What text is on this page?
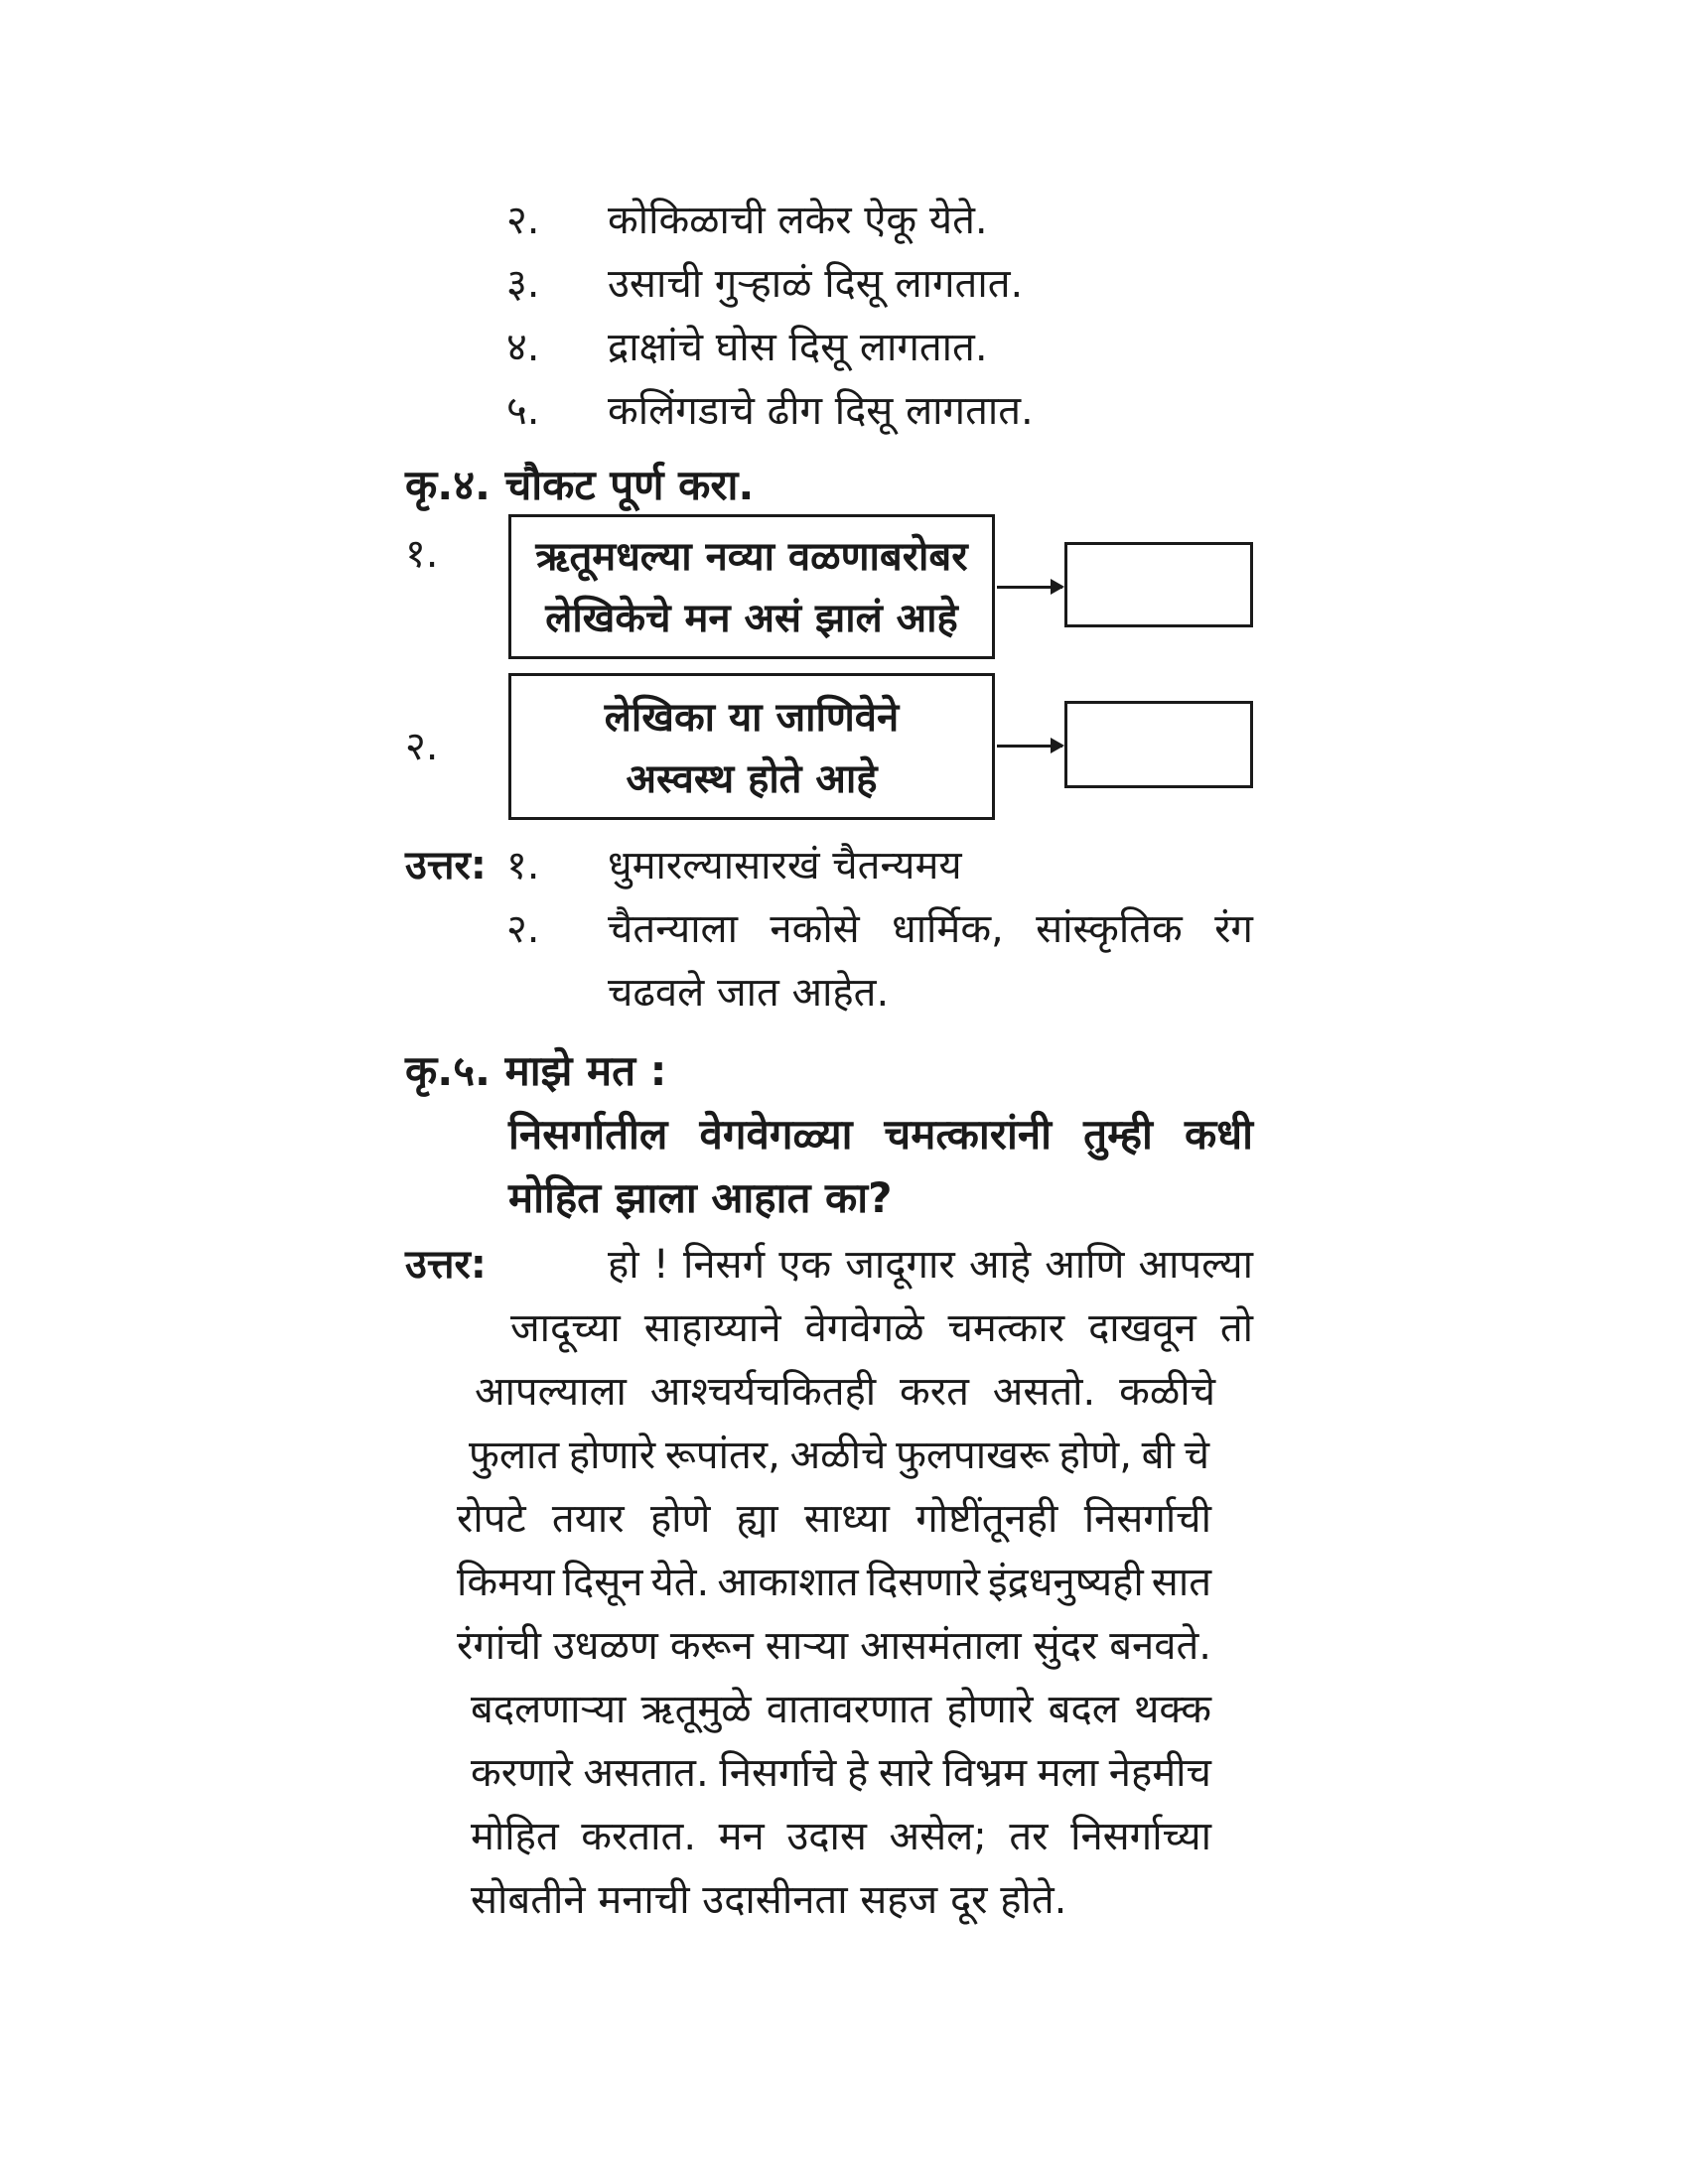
२. कोकिळाची लकेर ऐकू येते.
३. उसाची गुऱ्हाळं दिसू लागतात.
४. द्राक्षांचे घोस दिसू लागतात.
५. कलिंगडाचे ढीग दिसू लागतात.
कृ.४. चौकट पूर्ण करा.
१.	ऋतूमधल्या नव्या वळणाबरोबर
लेखिकेचे मन असं झालं आहे
२.
लेखिका या जाणिवेने
अस्वस्थ होते आहे
उत्तर: १. धुमारल्यासारखं चैतन्यमय
२. चैतन्याला नकोसे धार्मिक, सांस्कृतिक रंग
चढवले जात आहेत.
कृ.५. माझे मत :
निसर्गातील वेगवेगळ्या चमत्कारांनी तुम्ही कधी
मोहित झाला आहात का?
उत्तर:	हो ! निसर्ग एक जादूगार आहे आणि आपल्या
जादूच्या साहाय्याने वेगवेगळे चमत्कार दाखवून तो
आपल्याला आश्चर्यचकितही करत असतो. कळीचे
फुलात होणारे रूपांतर, अळीचे फुलपाखरू होणे, बी चे
रोपटे तयार होणे ह्या साध्या गोष्टींतूनही निसर्गाची
किमया दिसून येते. आकाशात दिसणारे इंद्रधनुष्यही सात
रंगांची उधळण करून साऱ्या आसमंताला सुंदर बनवते.
बदलणाऱ्या ऋतूमुळे वातावरणात होणारे बदल थक्क
करणारे असतात. निसर्गाचे हे सारे विभ्रम मला नेहमीच
मोहित करतात. मन उदास असेल; तर निसर्गाच्या
सोबतीने मनाची उदासीनता सहज दूर होते.
